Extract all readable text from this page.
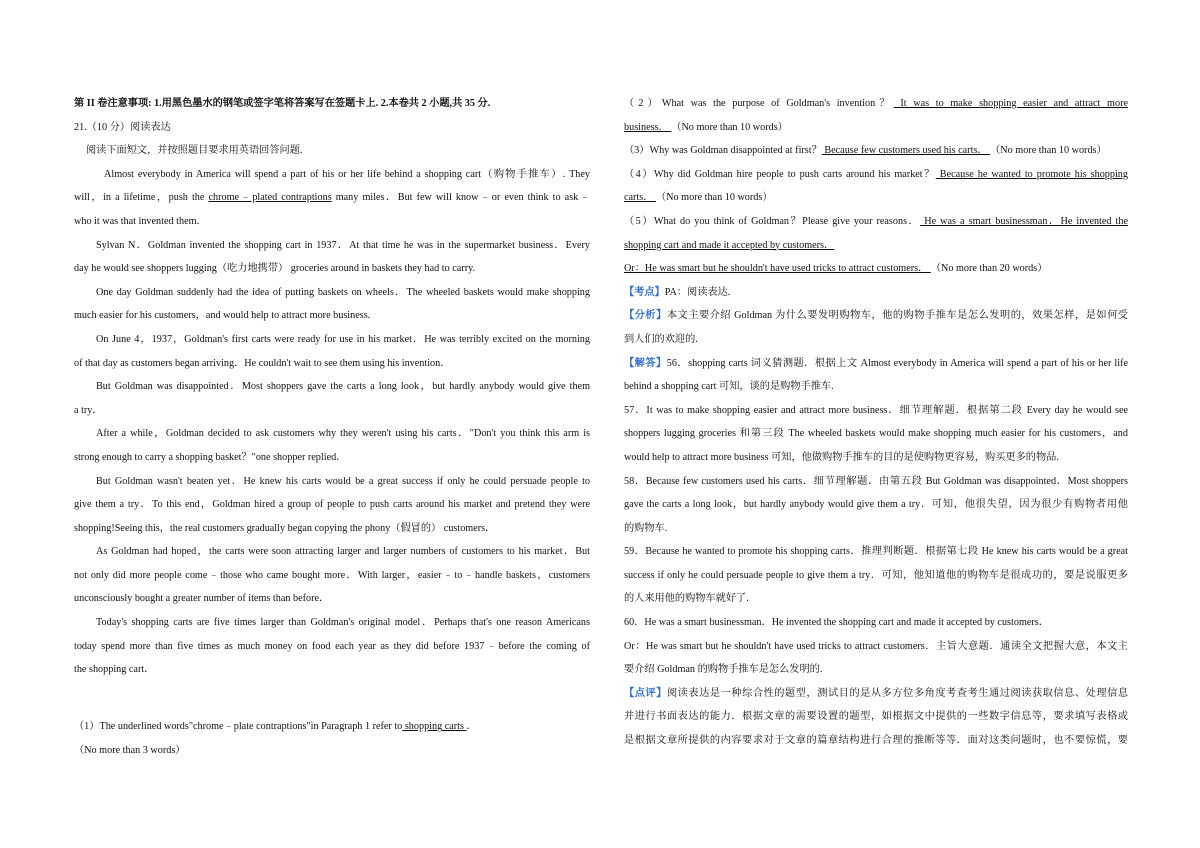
第 II 卷注意事项: 1.用黑色墨水的钢笔或签字笔将答案写在签题卡上. 2.本卷共 2 小题,共 35 分.
21.（10 分）阅读表达
阅读下面短文，并按照题目要求用英语回答问题.
Almost everybody in America will spend a part of his or her life behind a shopping cart（购物手推车）. They
will，in a lifetime，push the chrome﹣plated contraptions many miles．But few will know﹣or even think to ask﹣
who it was that invented them．
Sylvan N．Goldman invented the shopping cart in 1937．At that time he was in the supermarket business．Every
day he would see shoppers lugging（吃力地携带） groceries around in baskets they had to carry.
One day Goldman suddenly had the idea of putting baskets on wheels．The wheeled baskets would make shopping
much easier for his customers，and would help to attract more business.
On June 4，1937，Goldman's first carts were ready for use in his market．He was terribly excited on the morning
of that day as customers began arriving．He couldn't wait to see them using his invention．
But Goldman was disappointed．Most shoppers gave the carts a long look，but hardly anybody would give them
a try．
After a while，Goldman decided to ask customers why they weren't using his carts．"Don't you think this arm is
strong enough to carry a shopping basket？"one shopper replied．
But Goldman wasn't beaten yet．He knew his carts would be a great success if only he could persuade people to
give them a try．To this end，Goldman hired a group of people to push carts around his market and pretend they were
shopping!Seeing this，the real customers gradually began copying the phony（假冒的） customers．
As Goldman had hoped，the carts were soon attracting larger and larger numbers of customers to his market．But
not only did more people come﹣those who came bought more．With larger，easier﹣to﹣handle baskets，customers
unconsciously bought a greater number of items than before．
Today's shopping carts are five times larger than Goldman's original model．Perhaps that's one reason Americans
today spend more than five times as much money on food each year as they did before 1937﹣before the coming of
the shopping cart．
（1）The underlined words"chrome﹣plate contraptions"in Paragraph 1 refer to shopping carts ．
（No more than 3 words）
（2）What was the purpose of Goldman's invention？ It was to make shopping easier and attract more
business． （No more than 10 words）
（3）Why was Goldman disappointed at first？ Because few customers used his carts． （No more than 10 words）
（4）Why did Goldman hire people to push carts around his market？ Because he wanted to promote his shopping
carts． （No more than 10 words）
（5）What do you think of Goldman？Please give your reasons． He was a smart businessman．He invented the
shopping cart and made it accepted by customers．
Or：He was smart but he shouldn't have used tricks to attract customers． （No more than 20 words）
【考点】PA：阅读表达.
【分析】本文主要介绍 Goldman 为什么要发明购物车，他的购物手推车是怎么发明的，效果怎样，是如何受
到人们的欢迎的.
【解答】56．shopping carts 词义猜测题．根据上文 Almost everybody in America will spend a part of his or her life
behind a shopping cart 可知，谈的是购物手推车.
57．It was to make shopping easier and attract more business．细节理解题．根据第二段 Every day he would see
shoppers lugging groceries 和第三段 The wheeled baskets would make shopping much easier for his customers，and
would help to attract more business 可知，他做购物手推车的目的是使购物更容易，购买更多的物品.
58．Because few customers used his carts．细节理解题．由第五段 But Goldman was disappointed．Most shoppers
gave the carts a long look，but hardly anybody would give them a try．可知，他很失望，因为很少有购物者用他
的购物车.
59．Because he wanted to promote his shopping carts．推理判断题．根据第七段 He knew his carts would be a great
success if only he could persuade people to give them a try．可知，他知道他的购物车是很成功的，要是说服更多
的人来用他的购物车就好了.
60．He was a smart businessman．He invented the shopping cart and made it accepted by customers．
Or：He was smart but he shouldn't have used tricks to attract customers．主旨大意题．通读全文把握大意，本文主
要介绍 Goldman 的购物手推车是怎么发明的.
【点评】阅读表达是一种综合性的题型，测试目的是从多方位多角度考查考生通过阅读获取信息、处理信息
并进行书面表达的能力．根据文章的需要设置的题型，如根据文中提供的一些数字信息等，要求填写表格或
是根据文章所提供的内容要求对于文章的篇章结构进行合理的推断等等．面对这类问题时，也不要惊慌，要
